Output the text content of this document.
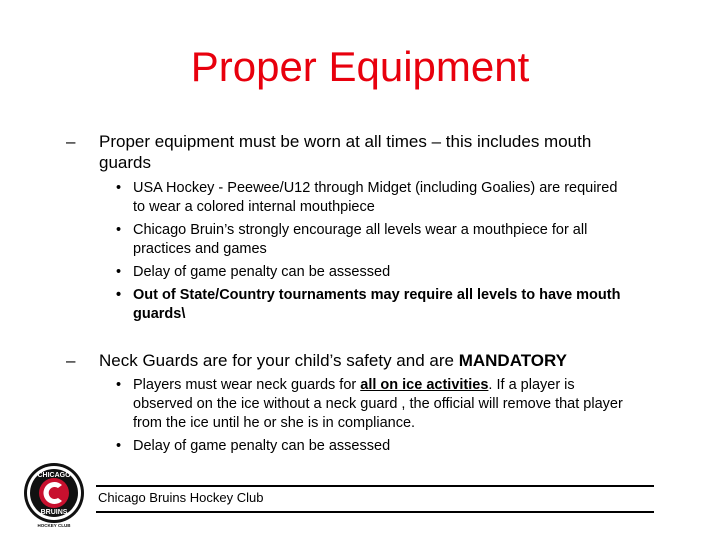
Proper Equipment
–	Proper equipment must be worn at all times – this includes mouth
guards
• USA Hockey - Peewee/U12 through Midget (including Goalies) are required
to wear a colored internal mouthpiece
• Chicago Bruin’s strongly encourage all levels wear a mouthpiece for all
practices and games
• Delay of game penalty can be assessed
• Out of State/Country tournaments may require all levels to have mouth
guards\
–	Neck Guards are for your child’s safety and are MANDATORY
• Players must wear neck guards for all on ice activities. If a player is
observed on the ice without a neck guard , the official will remove that player
from the ice until he or she is in compliance.
• Delay of game penalty can be assessed
CHICAGO
BRUINS
HOCKEY CLUB
Chicago Bruins Hockey Club
